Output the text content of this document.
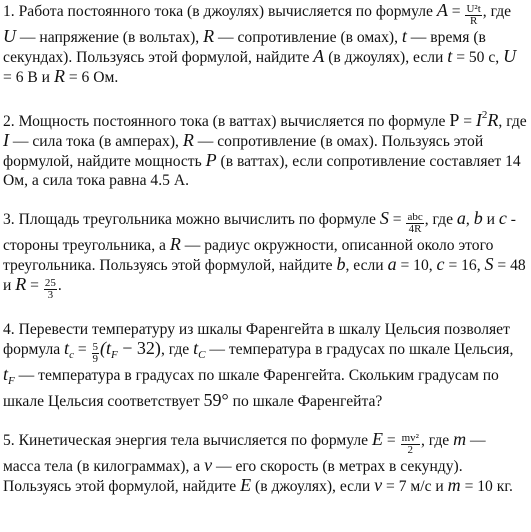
1. Работа постоянного тока (в джоулях) вычисляется по формуле $A = \frac{\text{U²t}}{R}$ , где U — напряжение (в вольтах), R — сопротивление (в омах), t — время (в секундах). Пользуясь этой формулой, найдите A (в джоулях), если t = 50 с, U = 6 В и R = 6 Ом.

2. Мощность постоянного тока (в ваттах) вычисляется по формуле $P = I^2R$, где I — сила тока (в амперах), R — сопротивление (в омах). Пользуясь этой формулой, найдите мощность P (в ваттах), если сопротивление составляет 14 Ом, а сила тока равна 4.5 А.

3. Площадь треугольника можно вычислить по формуле $S = \frac{\text{abc}}{4R}$ , где a, b и c - стороны треугольника, а R — радиус окружности, описанной около этого треугольника. Пользуясь этой формулой, найдите b, если a = 10, c = 16, S = 48 и $R = \frac{25}{3}$ .

4. Перевести температуру из шкалы Фаренгейта в шкалу Цельсия позволяет формула $t_c = \frac{5}{9} (t_F - 32)$, где $t_C$ — температура в градусах по шкале Цельсия, $t_F$ — температура в градусах по шкале Фаренгейта. Скольким градусам по шкале Цельсия соответствует 59° по шкале Фаренгейта?

5. Кинетическая энергия тела вычисляется по формуле $E = \frac{\text{mv²}}{2}$ , где m — масса тела (в килограммах), а v — его скорость (в метрах в секунду). Пользуясь этой формулой, найдите E (в джоулях), если v = 7 м/с и m = 10 кг.
